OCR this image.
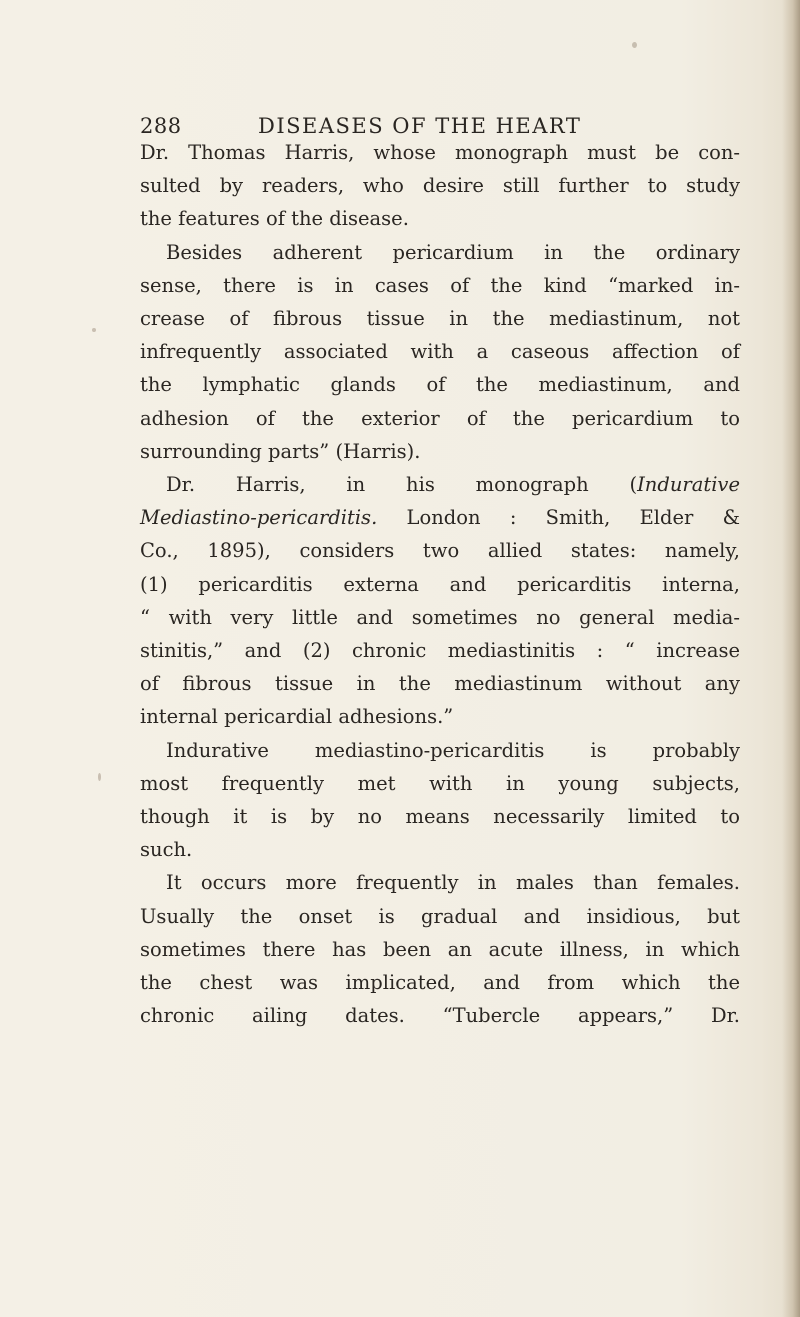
288	DISEASES OF THE HEART
Dr. Thomas Harris, whose monograph must be con-
sulted by readers, who desire still further to study
the features of the disease.
Besides adherent pericardium in the ordinary
sense, there is in cases of the kind “marked in-
crease of fibrous tissue in the mediastinum, not
infrequently associated with a caseous affection of
the lymphatic glands of the mediastinum, and
adhesion of the exterior of the pericardium to
surrounding parts” (Harris).
Dr. Harris, in his monograph (Indurative
Mediastino-pericarditis. London : Smith, Elder &
Co., 1895), considers two allied states: namely,
(1) pericarditis externa and pericarditis interna,
“ with very little and sometimes no general media-
stinitis,” and (2) chronic mediastinitis : “ increase
of fibrous tissue in the mediastinum without any
internal pericardial adhesions.”
Indurative mediastino-pericarditis is probably
most frequently met with in young subjects,
though it is by no means necessarily limited to
such.
It occurs more frequently in males than females.
Usually the onset is gradual and insidious, but
sometimes there has been an acute illness, in which
the chest was implicated, and from which the
chronic ailing dates. “Tubercle appears,” Dr.
